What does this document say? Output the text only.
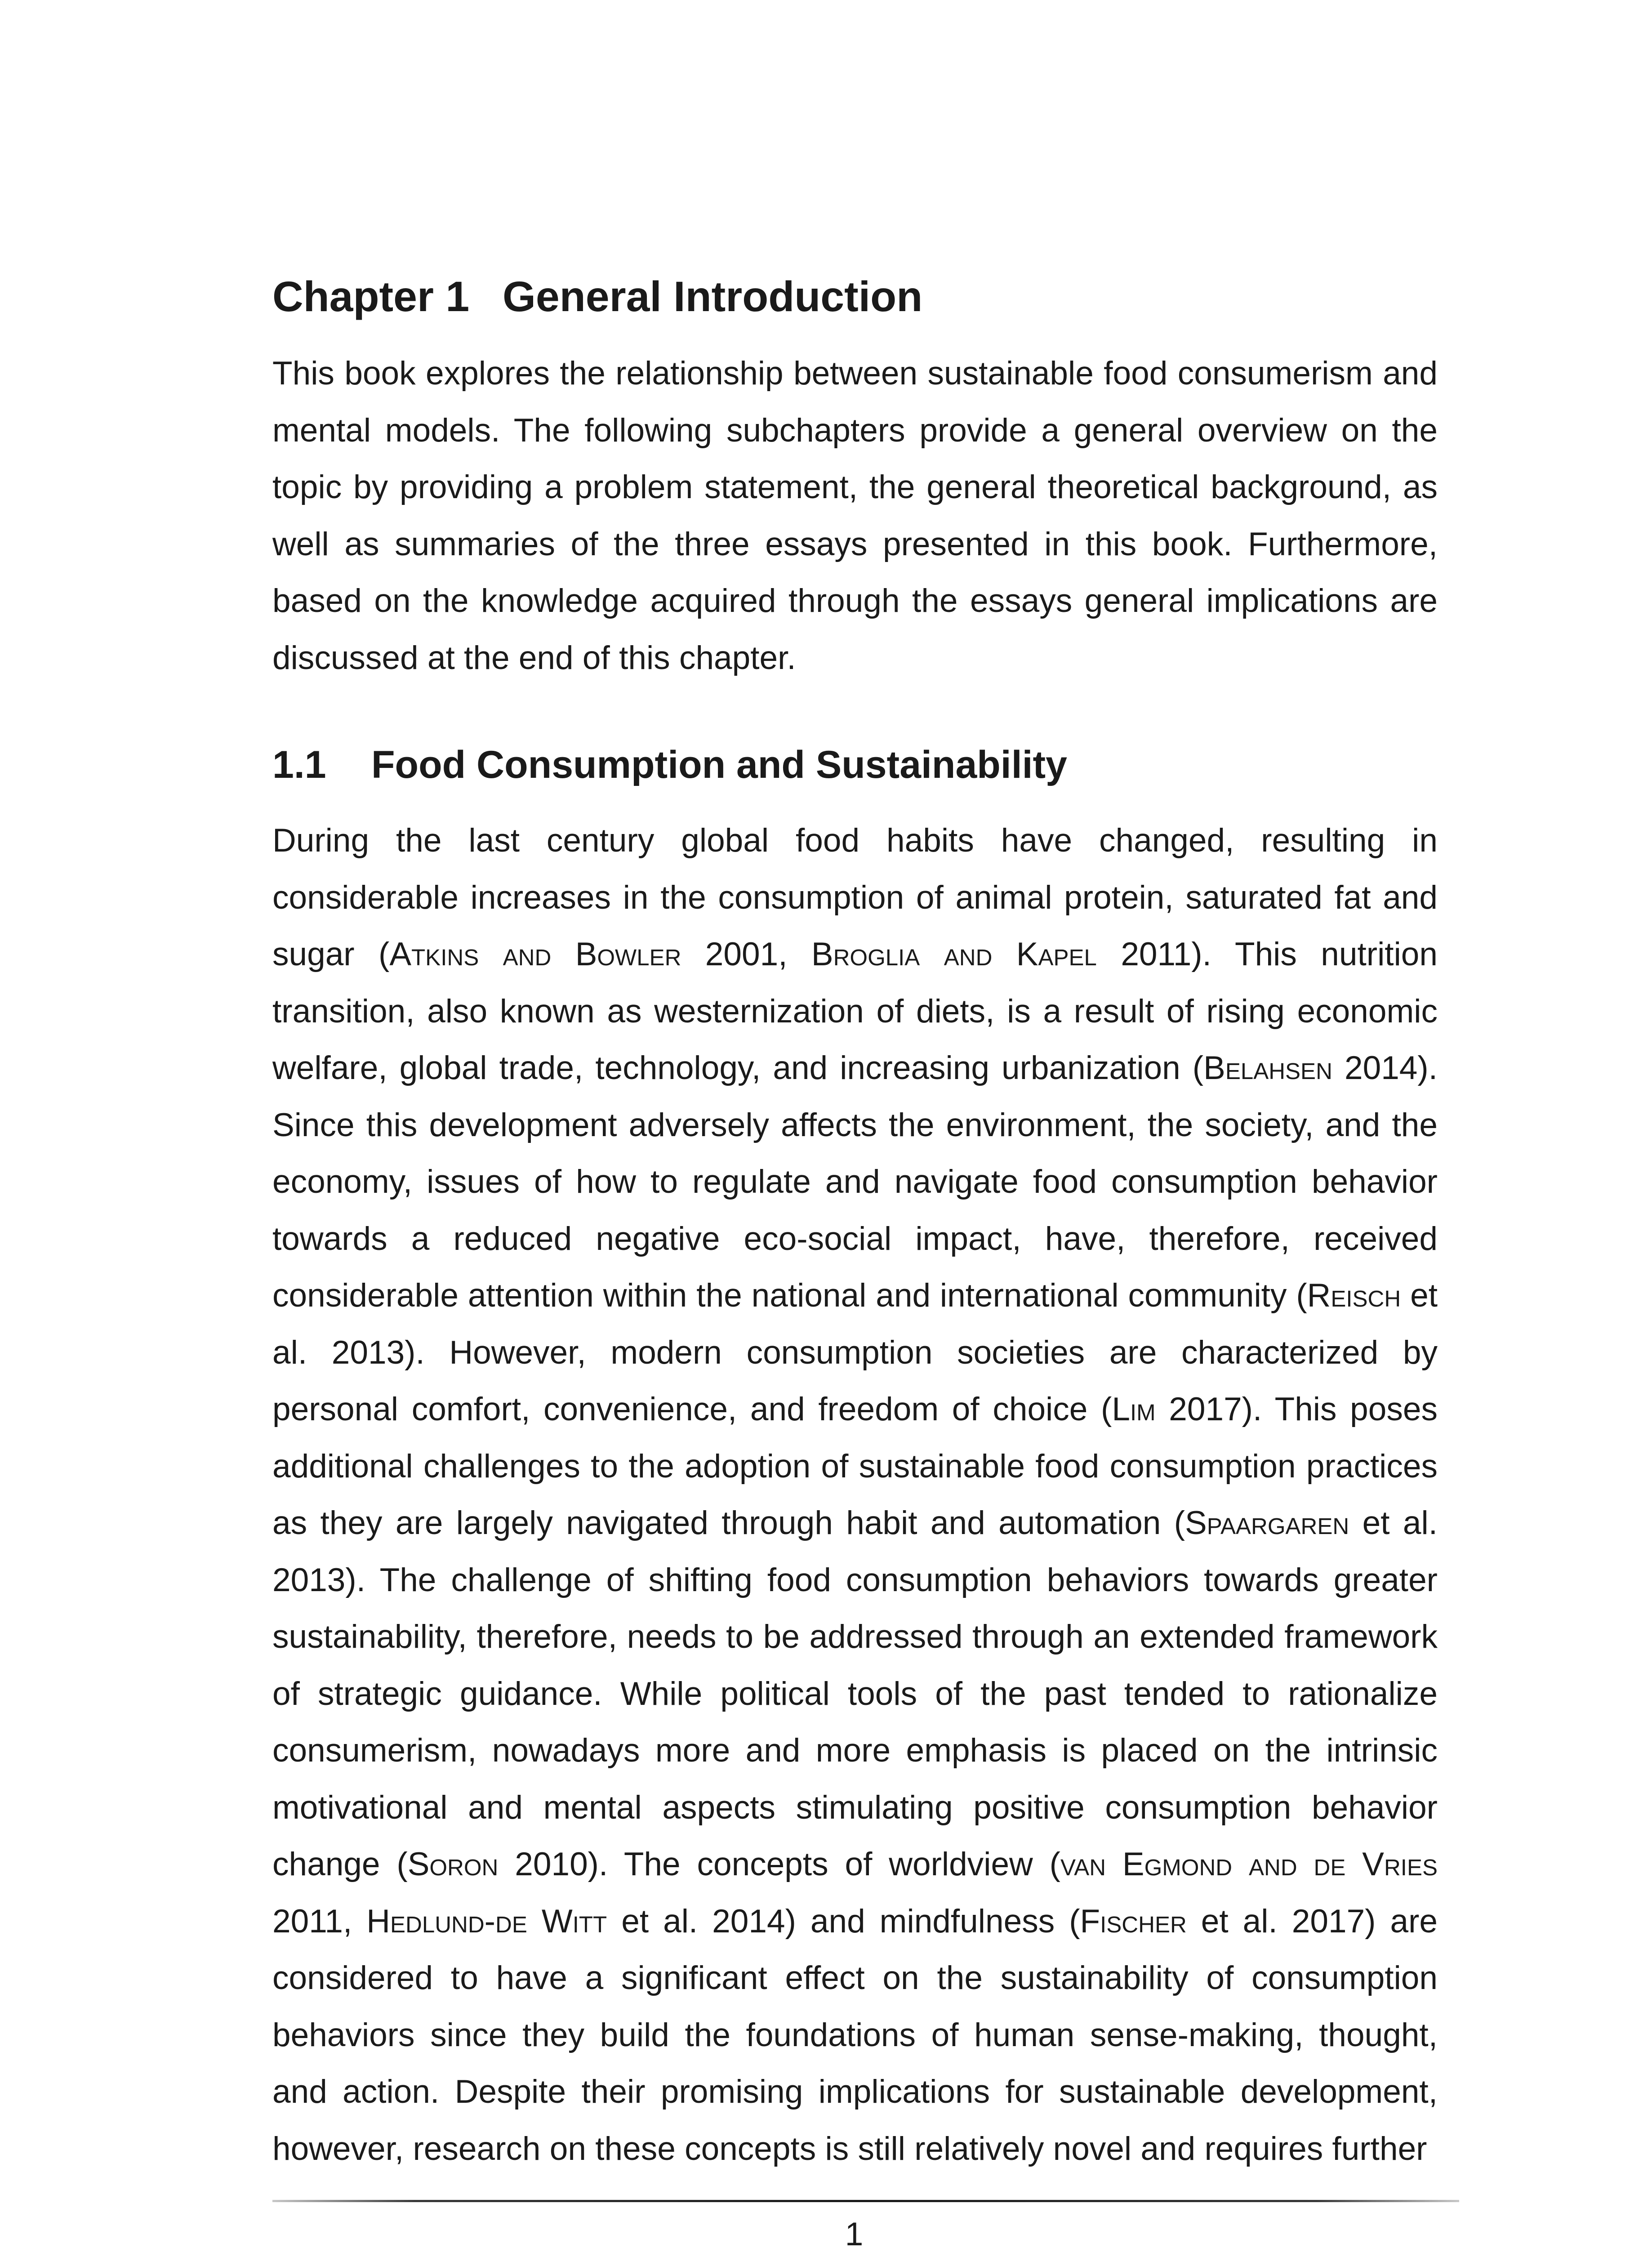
Chapter 1 General Introduction

This book explores the relationship between sustainable food consumerism and mental models. The following subchapters provide a general overview on the topic by providing a problem statement, the general theoretical background, as well as summaries of the three essays presented in this book. Furthermore, based on the knowledge acquired through the essays general implications are discussed at the end of this chapter.

1.1 Food Consumption and Sustainability

During the last century global food habits have changed, resulting in considerable increases in the consumption of animal protein, saturated fat and sugar (Atkins and Bowler 2001, Broglia and Kapel 2011). This nutrition transition, also known as westernization of diets, is a result of rising economic welfare, global trade, technology, and increasing urbanization (Belahsen 2014). Since this development adversely affects the environment, the society, and the economy, issues of how to regulate and navigate food consumption behavior towards a reduced negative eco-social impact, have, therefore, received considerable attention within the national and international community (Reisch et al. 2013). However, modern consumption societies are characterized by personal comfort, convenience, and freedom of choice (Lim 2017). This poses additional challenges to the adoption of sustainable food consumption practices as they are largely navigated through habit and automation (Spaargaren et al. 2013). The challenge of shifting food consumption behaviors towards greater sustainability, therefore, needs to be addressed through an extended framework of strategic guidance. While political tools of the past tended to rationalize consumerism, nowadays more and more emphasis is placed on the intrinsic motivational and mental aspects stimulating positive consumption behavior change (Soron 2010). The concepts of worldview (van Egmond and de Vries 2011, Hedlund-de Witt et al. 2014) and mindfulness (Fischer et al. 2017) are considered to have a significant effect on the sustainability of consumption behaviors since they build the foundations of human sense-making, thought, and action. Despite their promising implications for sustainable development, however, research on these concepts is still relatively novel and requires further

1
